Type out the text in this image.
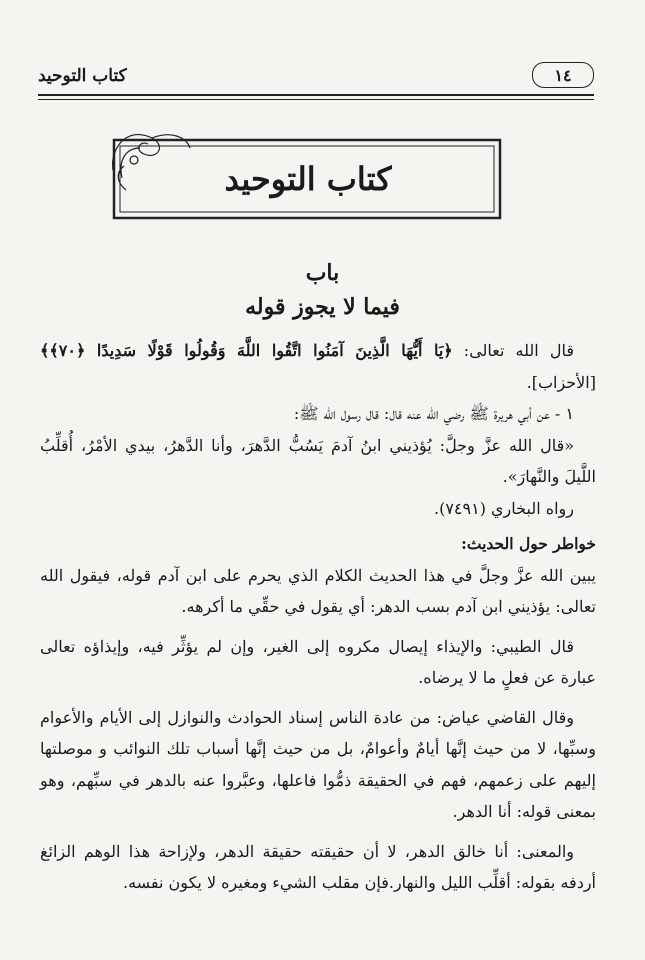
كتاب التوحيد	١٤
كتاب التوحيد
باب
فيما لا يجوز قوله

قال الله تعالى: ﴿يَا أَيُّهَا الَّذِينَ آمَنُوا اتَّقُوا اللَّهَ وَقُولُوا قَوْلًا سَدِيدًا ﴿٧٠﴾﴾ [الأحزاب].

١ - عن أبي هريرة ﷺ رضي الله عنه قال: قال رسول الله ﷺ:

«قال الله عزَّ وجلَّ: يُؤذيني ابنُ آدمَ يَسُبُّ الدَّهرَ، وأنا الدَّهرُ، بيدي الأمْرُ، أُقلِّبُ اللَّيلَ والنَّهارَ».

رواه البخاري (٧٤٩١).

خواطر حول الحديث:

يبين الله عزَّ وجلَّ في هذا الحديث الكلام الذي يحرم على ابن آدم قوله، فيقول الله تعالى: يؤذيني ابن آدم بسب الدهر: أي يقول في حقِّي ما أكرهه.

قال الطيبي: والإيذاء إيصال مكروه إلى الغير، وإن لم يؤثِّر فيه، وإيذاؤه تعالى عبارة عن فعلٍ ما لا يرضاه.

وقال القاضي عياض: من عادة الناس إسناد الحوادث والنوازل إلى الأيام والأعوام وسبِّها، لا من حيث إنَّها أيامٌ وأعوامٌ، بل من حيث إنَّها أسباب تلك النوائب و موصلتها إليهم على زعمهم، فهم في الحقيقة ذمُّوا فاعلها، وعبَّروا عنه بالدهر في سبِّهم، وهو بمعنى قوله: أنا الدهر.

والمعنى: أنا خالق الدهر، لا أن حقيقته حقيقة الدهر، ولإزاحة هذا الوهم الزائغ أردفه بقوله: أقلِّب الليل والنهار.فإن مقلب الشيء ومغيره لا يكون نفسه.
